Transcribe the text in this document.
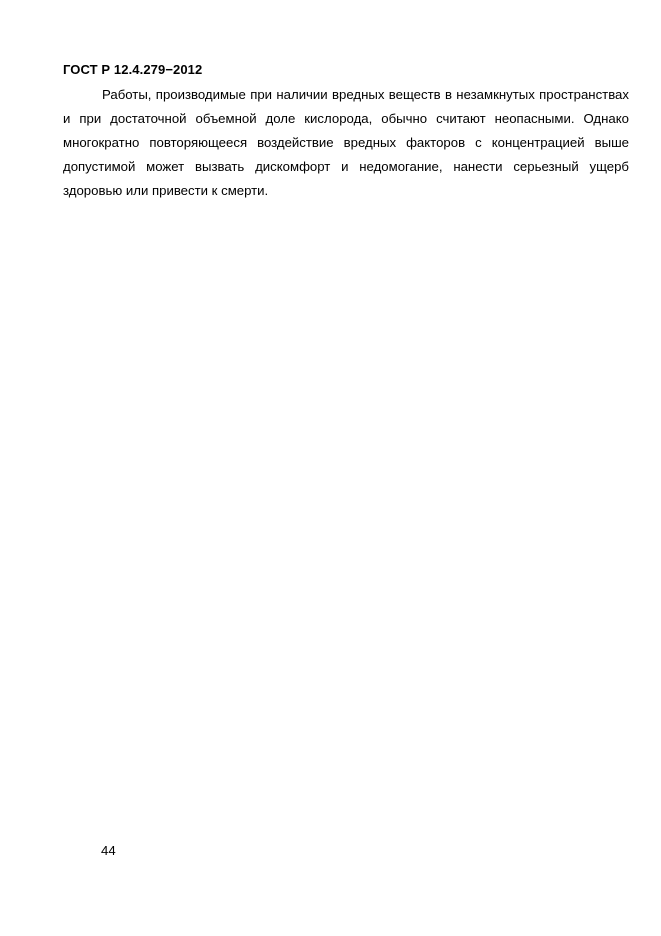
ГОСТ Р 12.4.279−2012

Работы, производимые при наличии вредных веществ в незамкнутых пространствах и при достаточной объемной доле кислорода, обычно считают неопасными. Однако многократно повторяющееся воздействие вредных факторов с концентрацией выше допустимой может вызвать дискомфорт и недомогание, нанести серьезный ущерб здоровью или привести к смерти.

44
